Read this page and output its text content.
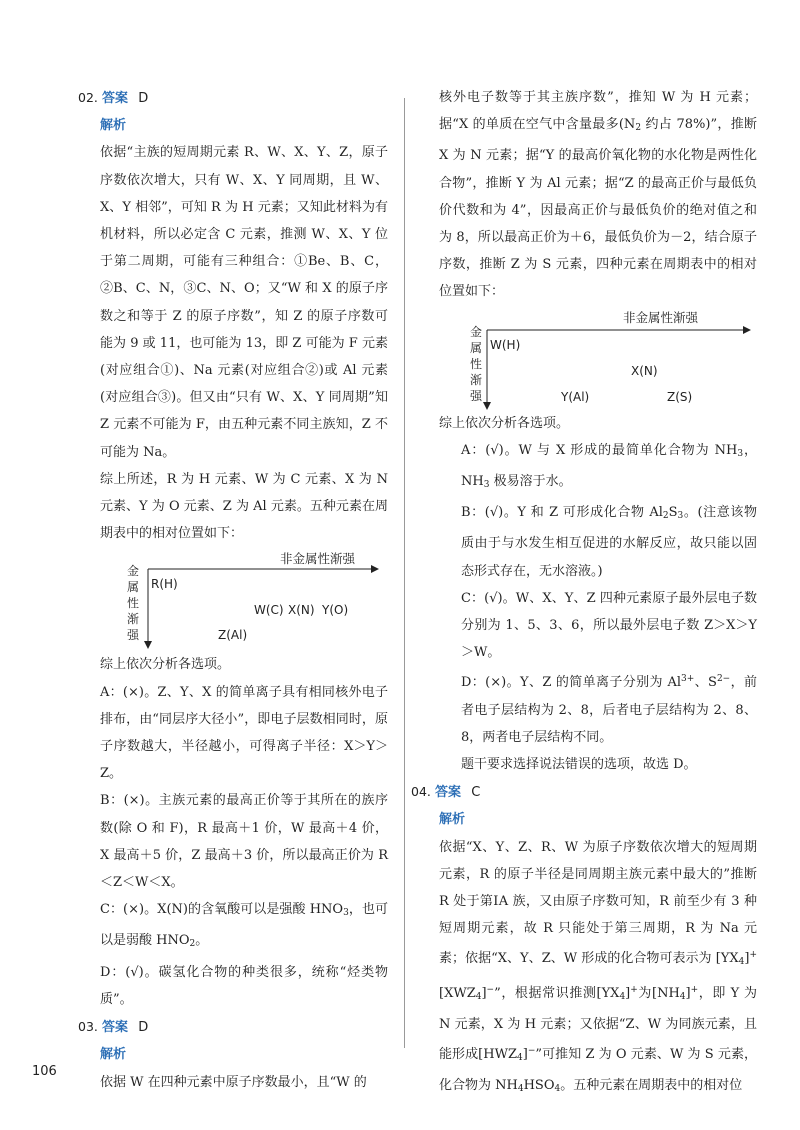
02. 答案 D

解析

依据“主族的短周期元素 R、W、X、Y、Z，原子序数依次增大，只有 W、X、Y 同周期，且 W、X、Y 相邻”，可知 R 为 H 元素；又知此材料为有机材料，所以必定含 C 元素，推测 W、X、Y 位于第二周期，可能有三种组合：①Be、B、C，②B、C、N，③C、N、O；又“W 和 X 的原子序数之和等于 Z 的原子序数”，知 Z 的原子序数可能为 9 或 11，也可能为 13，即 Z 可能为 F 元素(对应组合①)、Na 元素(对应组合②)或 Al 元素(对应组合③)。但又由“只有 W、X、Y 同周期”知 Z 元素不可能为 F，由五种元素不同主族知，Z 不可能为 Na。

综上所述，R 为 H 元素、W 为 C 元素、X 为 N 元素、Y 为 O 元素、Z 为 Al 元素。五种元素在周期表中的相对位置如下：

非金属性渐强
金
属
性
渐
强
R(H)
W(C) X(N) Y(O)
Z(Al)

综上依次分析各选项。

A：(×)。Z、Y、X 的简单离子具有相同核外电子排布，由“同层序大径小”，即电子层数相同时，原子序数越大，半径越小，可得离子半径：X＞Y＞Z。

B：(×)。主族元素的最高正价等于其所在的族序数(除 O 和 F)，R 最高＋1 价，W 最高＋4 价，X 最高＋5 价，Z 最高＋3 价，所以最高正价为 R＜Z＜W＜X。

C：(×)。X(N)的含氧酸可以是强酸 $HNO_3$，也可以是弱酸 $HNO_2$。

D：(√)。碳氢化合物的种类很多，统称“烃类物质”。

03. 答案 D

解析

依据 W 在四种元素中原子序数最小，且“W 的

核外电子数等于其主族序数”，推知 W 为 H 元素；据“X 的单质在空气中含量最多($N_2$ 约占 78%)”，推断 X 为 N 元素；据“Y 的最高价氧化物的水化物是两性化合物”，推断 Y 为 Al 元素；据“Z 的最高正价与最低负价代数和为 4”，因最高正价与最低负价的绝对值之和为 8，所以最高正价为＋6，最低负价为－2，结合原子序数，推断 Z 为 S 元素，四种元素在周期表中的相对位置如下：

非金属性渐强
金
属
性
渐
强
W(H)
X(N)
Y(Al)	Z(S)

综上依次分析各选项。

A：(√)。W 与 X 形成的最简单化合物为 $NH_3$，$NH_3$ 极易溶于水。

B：(√)。Y 和 Z 可形成化合物 $Al_2S_3$。(注意该物质由于与水发生相互促进的水解反应，故只能以固态形式存在，无水溶液。)

C：(√)。W、X、Y、Z 四种元素原子最外层电子数分别为 1、5、3、6，所以最外层电子数 Z＞X＞Y＞W。

D：(×)。Y、Z 的简单离子分别为 $Al^{3+}$、$S^{2-}$，前者电子层结构为 2、8，后者电子层结构为 2、8、8，两者电子层结构不同。

题干要求选择说法错误的选项，故选 D。

04. 答案 C

解析

依据“X、Y、Z、R、W 为原子序数依次增大的短周期元素，R 的原子半径是同周期主族元素中最大的”推断 R 处于第ⅠA 族，又由原子序数可知，R 前至少有 3 种短周期元素，故 R 只能处于第三周期，R 为 Na 元素；依据“X、Y、Z、W 形成的化合物可表示为 $[YX_4]^+[XWZ_4]^-$”，根据常识推测$[YX_4]^+$为$[NH_4]^+$，即 Y 为 N 元素，X 为 H 元素；又依据“Z、W 为同族元素，且能形成$[HWZ_4]^-$”可推知 Z 为 O 元素、W 为 S 元素，化合物为 $NH_4HSO_4$。五种元素在周期表中的相对位

106
